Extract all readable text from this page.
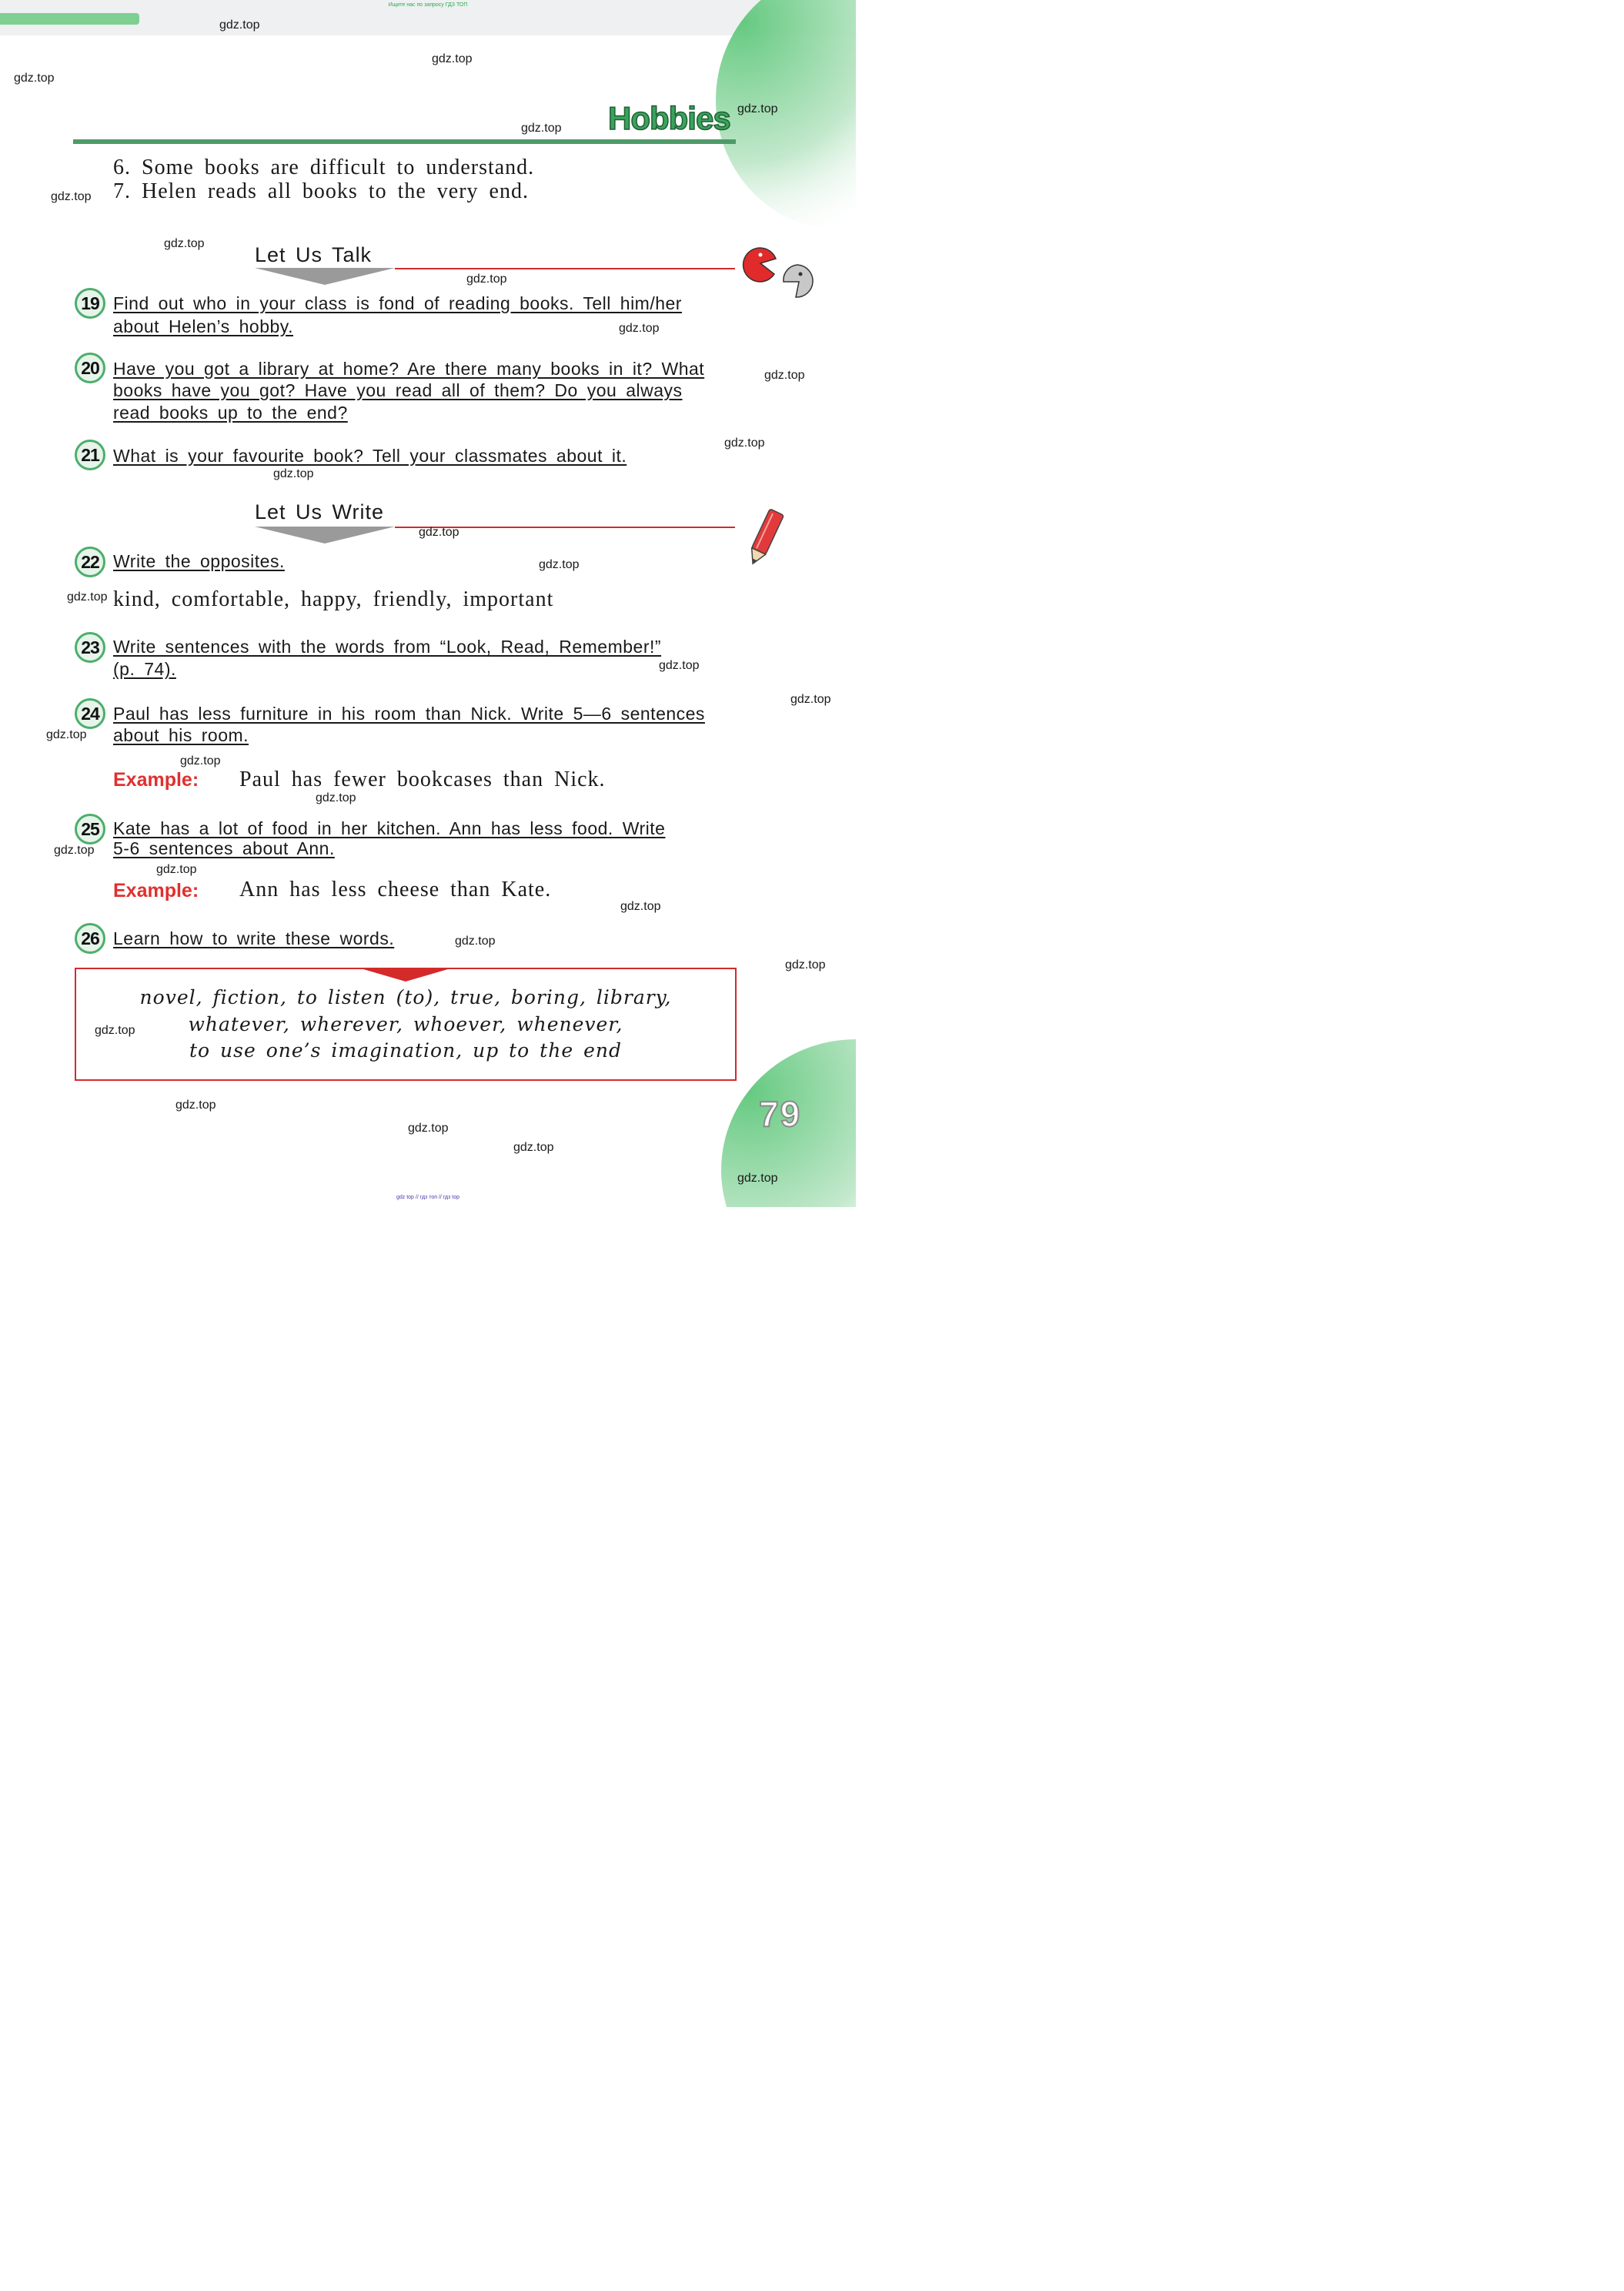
Ищите нас по запросу ГДЗ ТОП
Hobbies
6. Some books are difficult to understand.
7. Helen reads all books to the very end.
Let Us Talk
19 Find out who in your class is fond of reading books. Tell him/her
about Helen’s hobby.
20 Have you got a library at home? Are there many books in it? What
books have you got? Have you read all of them? Do you always
read books up to the end?
21 What is your favourite book? Tell your classmates about it.
Let Us Write
22 Write the opposites.
kind, comfortable, happy, friendly, important
23 Write sentences with the words from “Look, Read, Remember!”
(p. 74).
24 Paul has less furniture in his room than Nick. Write 5—6 sentences
about his room.
Example: Paul has fewer bookcases than Nick.
25 Kate has a lot of food in her kitchen. Ann has less food. Write
5-6 sentences about Ann.
Example: Ann has less cheese than Kate.
26 Learn how to write these words.
novel, fiction, to listen (to), true, boring, library,
whatever, wherever, whoever, whenever,
to use one’s imagination, up to the end
79
gdz.top
gdz.top
gdz.top
gdz.top
gdz.top
gdz.top
gdz.top
gdz.top
gdz.top
gdz.top
gdz.top
gdz.top
gdz.top
gdz.top
gdz.top
gdz.top
gdz.top
gdz.top
gdz.top
gdz.top
gdz.top
gdz.top
gdz.top
gdz.top
gdz.top
gdz.top
gdz.top
gdz.top
gdz.top
gdz.top
gdz top // гдз топ // гдз top
